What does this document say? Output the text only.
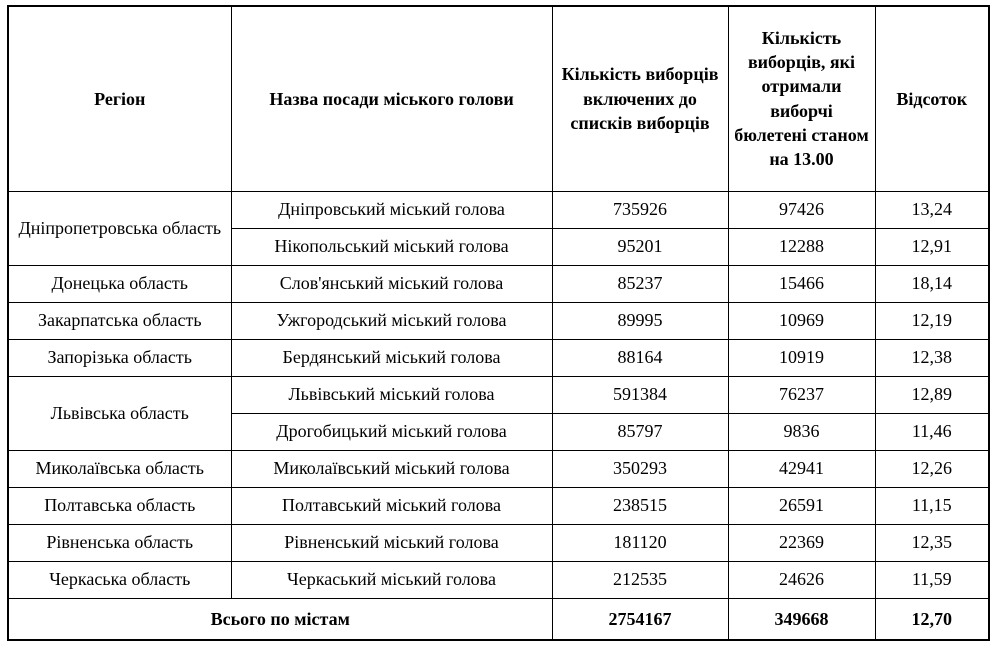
Регіон	Назва посади міського голови	Кількість виборців включених до списків виборців	Кількість виборців, які отримали виборчі бюлетені станом на 13.00	Відсоток
Дніпропетровська область	Дніпровський міський голова	735926	97426	13,24
	Нікопольський міський голова	95201	12288	12,91
Донецька область	Слов'янський міський голова	85237	15466	18,14
Закарпатська область	Ужгородський міський голова	89995	10969	12,19
Запорізька область	Бердянський міський голова	88164	10919	12,38
Львівська область	Львівський міський голова	591384	76237	12,89
	Дрогобицький міський голова	85797	9836	11,46
Миколаївська область	Миколаївський міський голова	350293	42941	12,26
Полтавська область	Полтавський міський голова	238515	26591	11,15
Рівненська область	Рівненський міський голова	181120	22369	12,35
Черкаська область	Черкаський міський голова	212535	24626	11,59
Всього по містам		2754167	349668	12,70
